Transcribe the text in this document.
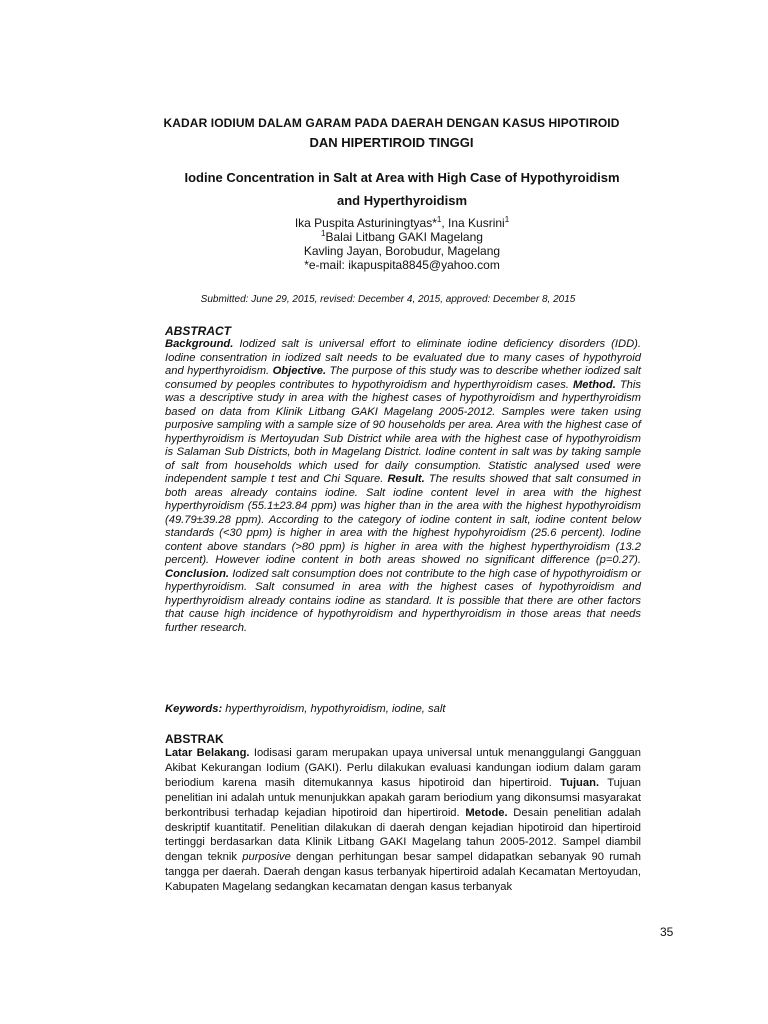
KADAR IODIUM DALAM GARAM PADA DAERAH DENGAN KASUS HIPOTIROID
DAN HIPERTIROID TINGGI
Iodine Concentration in Salt at Area with High Case of Hypothyroidism
and Hyperthyroidism
Ika Puspita Asturiningtyas*$^1$, Ina Kusrini$^1$
$^1$Balai Litbang GAKI Magelang
Kavling Jayan, Borobudur, Magelang
*e-mail: ikapuspita8845@yahoo.com
Submitted: June 29, 2015, revised: December 4, 2015, approved: December 8, 2015
ABSTRACT
Background. Iodized salt is universal effort to eliminate iodine deficiency disorders (IDD). Iodine consentration in iodized salt needs to be evaluated due to many cases of hypothyroid and hyperthyroidism. Objective. The purpose of this study was to describe whether iodized salt consumed by peoples contributes to hypothyroidism and hyperthyroidism cases. Method. This was a descriptive study in area with the highest cases of hypothyroidism and hyperthyroidism based on data from Klinik Litbang GAKI Magelang 2005-2012. Samples were taken using purposive sampling with a sample size of 90 households per area. Area with the highest case of hyperthyroidism is Mertoyudan Sub District while area with the highest case of hypothyroidism is Salaman Sub Districts, both in Magelang District. Iodine content in salt was by taking sample of salt from households which used for daily consumption. Statistic analysed used were independent sample t test and Chi Square. Result. The results showed that salt consumed in both areas already contains iodine. Salt iodine content level in area with the highest hyperthyroidism (55.1±23.84 ppm) was higher than in the area with the highest hypothyroidism (49.79±39.28 ppm). According to the category of iodine content in salt, iodine content below standards (<30 ppm) is higher in area with the highest hypohyroidism (25.6 percent). Iodine content above standars (>80 ppm) is higher in area with the highest hyperthyroidism (13.2 percent). However iodine content in both areas showed no significant difference (p=0.27). Conclusion. Iodized salt consumption does not contribute to the high case of hypothyroidism or hyperthyroidism. Salt consumed in area with the highest cases of hypothyroidism and hyperthyroidism already contains iodine as standard. It is possible that there are other factors that cause high incidence of hypothyroidism and hyperthyroidism in those areas that needs further research.
Keywords: hyperthyroidism, hypothyroidism, iodine, salt
ABSTRAK
Latar Belakang. Iodisasi garam merupakan upaya universal untuk menanggulangi Gangguan Akibat Kekurangan Iodium (GAKI). Perlu dilakukan evaluasi kandungan iodium dalam garam beriodium karena masih ditemukannya kasus hipotiroid dan hipertiroid. Tujuan. Tujuan penelitian ini adalah untuk menunjukkan apakah garam beriodium yang dikonsumsi masyarakat berkontribusi terhadap kejadian hipotiroid dan hipertiroid. Metode. Desain penelitian adalah deskriptif kuantitatif. Penelitian dilakukan di daerah dengan kejadian hipotiroid dan hipertiroid tertinggi berdasarkan data Klinik Litbang GAKI Magelang tahun 2005-2012. Sampel diambil dengan teknik purposive dengan perhitungan besar sampel didapatkan sebanyak 90 rumah tangga per daerah. Daerah dengan kasus terbanyak hipertiroid adalah Kecamatan Mertoyudan, Kabupaten Magelang sedangkan kecamatan dengan kasus terbanyak
35
